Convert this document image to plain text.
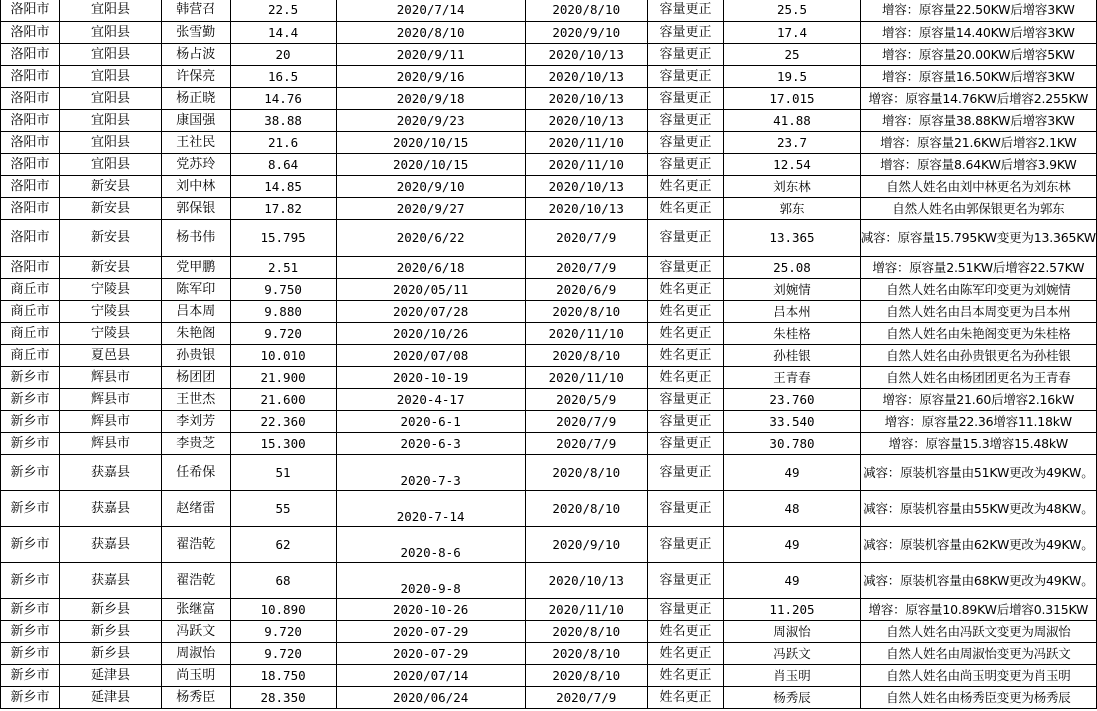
洛阳市	宜阳县	韩营召	22.5	2020/7/14	2020/8/10	容量更正	25.5	增容：原容量22.50KW后增容3KW
洛阳市	宜阳县	张雪勤	14.4	2020/8/10	2020/9/10	容量更正	17.4	增容：原容量14.40KW后增容3KW
洛阳市	宜阳县	杨占波	20	2020/9/11	2020/10/13	容量更正	25	增容：原容量20.00KW后增容5KW
洛阳市	宜阳县	许保亮	16.5	2020/9/16	2020/10/13	容量更正	19.5	增容：原容量16.50KW后增容3KW
洛阳市	宜阳县	杨正晓	14.76	2020/9/18	2020/10/13	容量更正	17.015	增容：原容量14.76KW后增容2.255KW
洛阳市	宜阳县	康国强	38.88	2020/9/23	2020/10/13	容量更正	41.88	增容：原容量38.88KW后增容3KW
洛阳市	宜阳县	王社民	21.6	2020/10/15	2020/11/10	容量更正	23.7	增容：原容量21.6KW后增容2.1KW
洛阳市	宜阳县	党苏玲	8.64	2020/10/15	2020/11/10	容量更正	12.54	增容：原容量8.64KW后增容3.9KW
洛阳市	新安县	刘中林	14.85	2020/9/10	2020/10/13	姓名更正	刘东林	自然人姓名由刘中林更名为刘东林
洛阳市	新安县	郭保银	17.82	2020/9/27	2020/10/13	姓名更正	郭东	自然人姓名由郭保银更名为郭东
洛阳市	新安县	杨书伟	15.795	2020/6/22	2020/7/9	容量更正	13.365	减容：原容量15.795KW变更为13.365KW
洛阳市	新安县	党甲鹏	2.51	2020/6/18	2020/7/9	容量更正	25.08	增容：原容量2.51KW后增容22.57KW
商丘市	宁陵县	陈军印	9.750	2020/05/11	2020/6/9	姓名更正	刘婉情	自然人姓名由陈军印变更为刘婉情
商丘市	宁陵县	吕本周	9.880	2020/07/28	2020/8/10	姓名更正	吕本州	自然人姓名由吕本周变更为吕本州
商丘市	宁陵县	朱艳阁	9.720	2020/10/26	2020/11/10	姓名更正	朱桂格	自然人姓名由朱艳阁变更为朱桂格
商丘市	夏邑县	孙贵银	10.010	2020/07/08	2020/8/10	姓名更正	孙桂银	自然人姓名由孙贵银更名为孙桂银
新乡市	辉县市	杨团团	21.900	2020-10-19	2020/11/10	姓名更正	王青春	自然人姓名由杨团团更名为王青春
新乡市	辉县市	王世杰	21.600	2020-4-17	2020/5/9	容量更正	23.760	增容：原容量21.60后增容2.16kW
新乡市	辉县市	李刘芳	22.360	2020-6-1	2020/7/9	容量更正	33.540	增容：原容量22.36增容11.18kW
新乡市	辉县市	李贵芝	15.300	2020-6-3	2020/7/9	容量更正	30.780	增容：原容量15.3增容15.48kW
新乡市	获嘉县	任希保	51	2020-7-3	2020/8/10	容量更正	49	减容：原装机容量由51KW更改为49KW。
新乡市	获嘉县	赵绪雷	55	2020-7-14	2020/8/10	容量更正	48	减容：原装机容量由55KW更改为48KW。
新乡市	获嘉县	翟浩乾	62	2020-8-6	2020/9/10	容量更正	49	减容：原装机容量由62KW更改为49KW。
新乡市	获嘉县	翟浩乾	68	2020-9-8	2020/10/13	容量更正	49	减容：原装机容量由68KW更改为49KW。
新乡市	新乡县	张继富	10.890	2020-10-26	2020/11/10	容量更正	11.205	增容：原容量10.89KW后增容0.315KW
新乡市	新乡县	冯跃文	9.720	2020-07-29	2020/8/10	姓名更正	周淑怡	自然人姓名由冯跃文变更为周淑怡
新乡市	新乡县	周淑怡	9.720	2020-07-29	2020/8/10	姓名更正	冯跃文	自然人姓名由周淑怡变更为冯跃文
新乡市	延津县	尚玉明	18.750	2020/07/14	2020/8/10	姓名更正	肖玉明	自然人姓名由尚玉明变更为肖玉明
新乡市	延津县	杨秀臣	28.350	2020/06/24	2020/7/9	姓名更正	杨秀辰	自然人姓名由杨秀臣变更为杨秀辰
